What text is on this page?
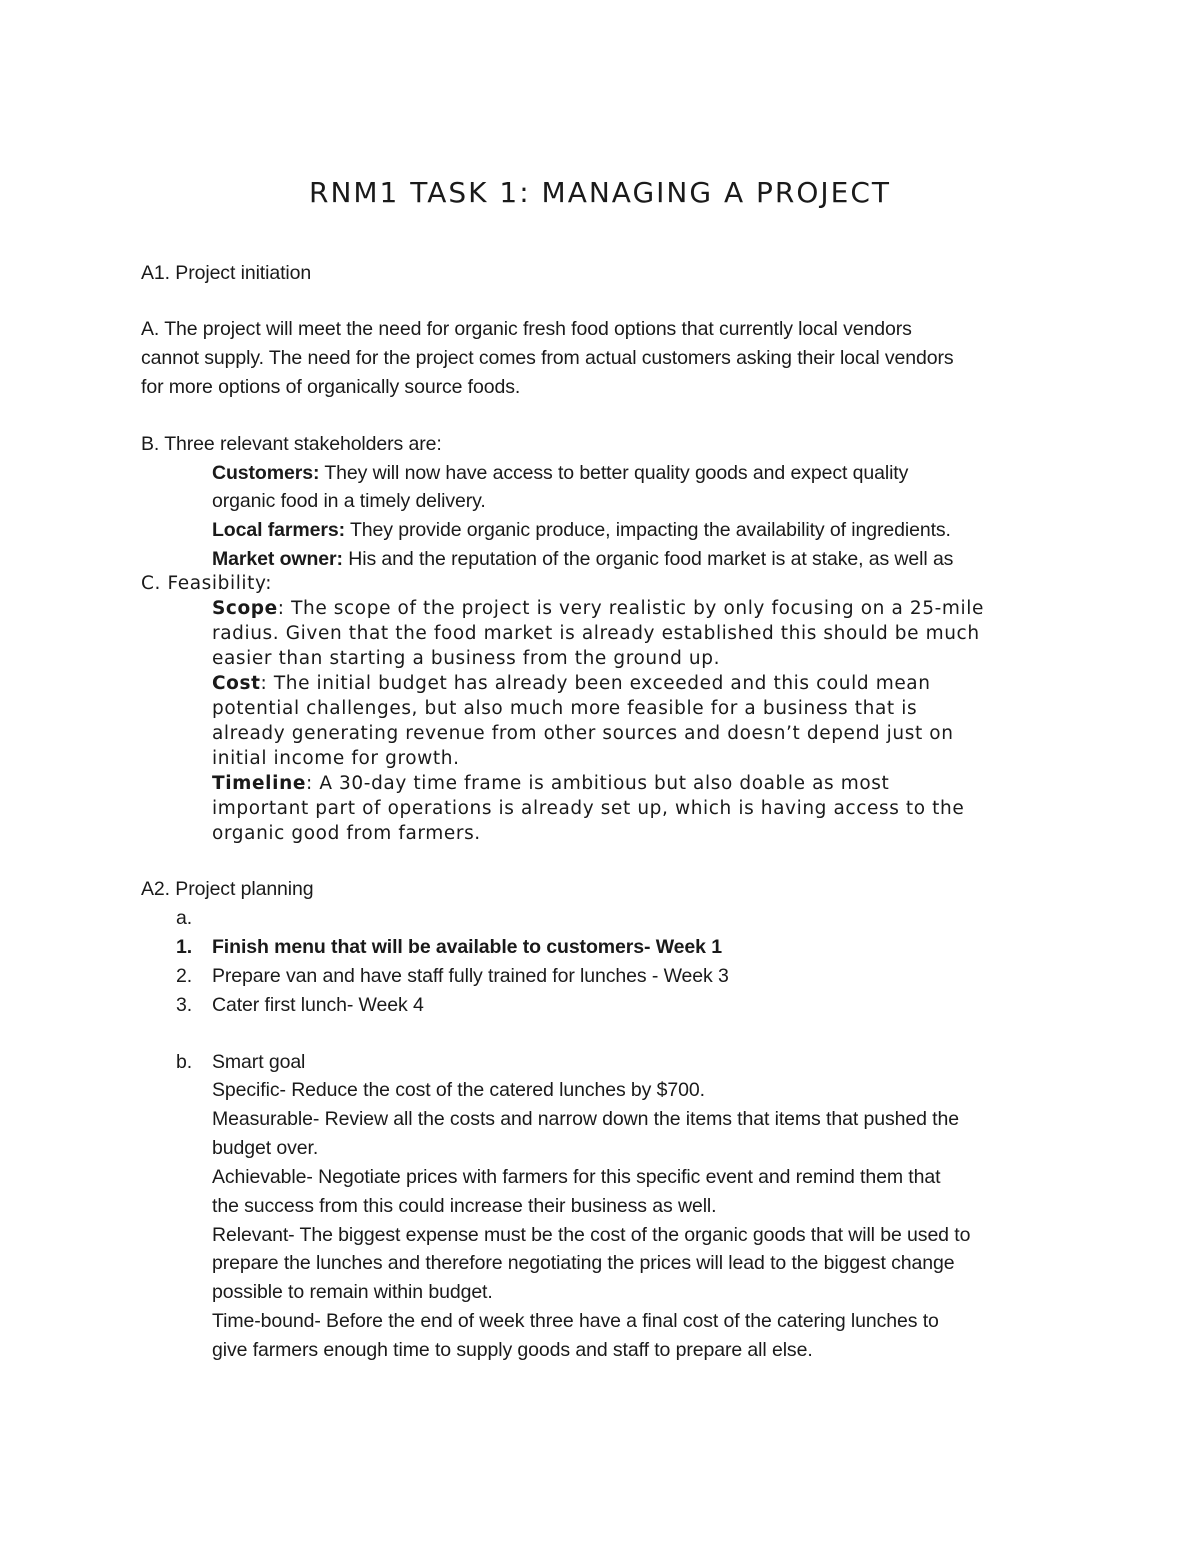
RNM1 TASK 1: MANAGING A PROJECT
A1. Project initiation
A. The project will meet the need for organic fresh food options that currently local vendors
cannot supply. The need for the project comes from actual customers asking their local vendors
for more options of organically source foods.
B. Three relevant stakeholders are:
Customers: They will now have access to better quality goods and expect quality
organic food in a timely delivery.
Local farmers: They provide organic produce, impacting the availability of ingredients.
Market owner: His and the reputation of the organic food market is at stake, as well as
C. Feasibility:
Scope: The scope of the project is very realistic by only focusing on a 25-mile
radius. Given that the food market is already established this should be much
easier than starting a business from the ground up.
Cost: The initial budget has already been exceeded and this could mean
potential challenges, but also much more feasible for a business that is
already generating revenue from other sources and doesn’t depend just on
initial income for growth.
Timeline: A 30-day time frame is ambitious but also doable as most
important part of operations is already set up, which is having access to the
organic good from farmers.
A2. Project planning
a.
1. Finish menu that will be available to customers- Week 1
2. Prepare van and have staff fully trained for lunches - Week 3
3. Cater first lunch- Week 4
b. Smart goal
Specific- Reduce the cost of the catered lunches by $700.
Measurable- Review all the costs and narrow down the items that items that pushed the
budget over.
Achievable- Negotiate prices with farmers for this specific event and remind them that
the success from this could increase their business as well.
Relevant- The biggest expense must be the cost of the organic goods that will be used to
prepare the lunches and therefore negotiating the prices will lead to the biggest change
possible to remain within budget.
Time-bound- Before the end of week three have a final cost of the catering lunches to
give farmers enough time to supply goods and staff to prepare all else.
